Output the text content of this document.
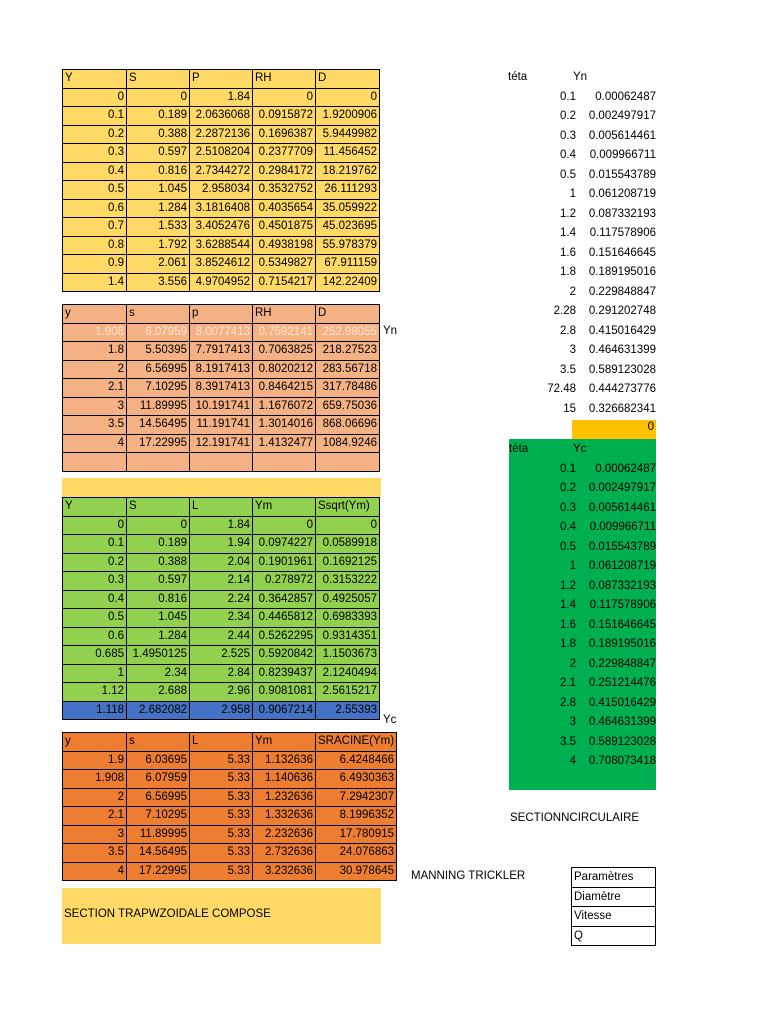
Y	S	P	RH	D
0	0	1.84	0	0
0.1	0.189	2.0636068	0.0915872	1.9200906
0.2	0.388	2.2872136	0.1696387	5.9449982
0.3	0.597	2.5108204	0.2377709	11.456452
0.4	0.816	2.7344272	0.2984172	18.219762
0.5	1.045	2.958034	0.3532752	26.111293
0.6	1.284	3.1816408	0.4035654	35.059922
0.7	1.533	3.4052476	0.4501875	45.023695
0.8	1.792	3.6288544	0.4938198	55.978379
0.9	2.061	3.8524612	0.5349827	67.911159
1.4	3.556	4.9704952	0.7154217	142.22409
y	s	p	RH	D
1.908	6.07959	8.0077413	0.7592141	252.98055
1.8	5.50395	7.7917413	0.7063825	218.27523
2	6.56995	8.1917413	0.8020212	283.56718
2.1	7.10295	8.3917413	0.8464215	317.78486
3	11.89995	10.191741	1.1676072	659.75036
3.5	14.56495	11.191741	1.3014016	868.06696
4	17.22995	12.191741	1.4132477	1084.9246

Yn
Y	S	L	Ym	Ssqrt(Ym)
0	0	1.84	0	0
0.1	0.189	1.94	0.0974227	0.0589918
0.2	0.388	2.04	0.1901961	0.1692125
0.3	0.597	2.14	0.278972	0.3153222
0.4	0.816	2.24	0.3642857	0.4925057
0.5	1.045	2.34	0.4465812	0.6983393
0.6	1.284	2.44	0.5262295	0.9314351
0.685	1.4950125	2.525	0.5920842	1.1503673
1	2.34	2.84	0.8239437	2.1240494
1.12	2.688	2.96	0.9081081	2.5615217
1.118	2.682082	2.958	0.9067214	2.55393
Yc
y	s	L	Ym	SRACINE(Ym)
1.9	6.03695	5.33	1.132636	6.4248466
1.908	6.07959	5.33	1.140636	6.4930363
2	6.56995	5.33	1.232636	7.2942307
2.1	7.10295	5.33	1.332636	8.1996352
3	11.89995	5.33	2.232636	17.780915
3.5	14.56495	5.33	2.732636	24.076863
4	17.22995	5.33	3.232636	30.978645
SECTION TRAPWZOIDALE COMPOSE
téta	Yn
0.1 0.00062487
0.2 0.002497917
0.3 0.005614461
0.4 0.009966711
0.5 0.015543789
1 0.061208719
1.2 0.087332193
1.4 0.117578906
1.6 0.151646645
1.8 0.189195016
2 0.229848847
2.28 0.291202748
2.8 0.415016429
3 0.464631399
3.5 0.589123028
72.48 0.444273776
15 0.326682341
0
téta	Yc
0.1 0.00062487
0.2 0.002497917
0.3 0.005614461
0.4 0.009966711
0.5 0.015543789
1 0.061208719
1.2 0.087332193
1.4 0.117578906
1.6 0.151646645
1.8 0.189195016
2 0.229848847
2.1 0.251214476
2.8 0.415016429
3 0.464631399
3.5 0.589123028
4 0.708073418
SECTIONNCIRCULAIRE
MANNING TRICKLER	Paramètres
Diamètre
Vitesse
Q
